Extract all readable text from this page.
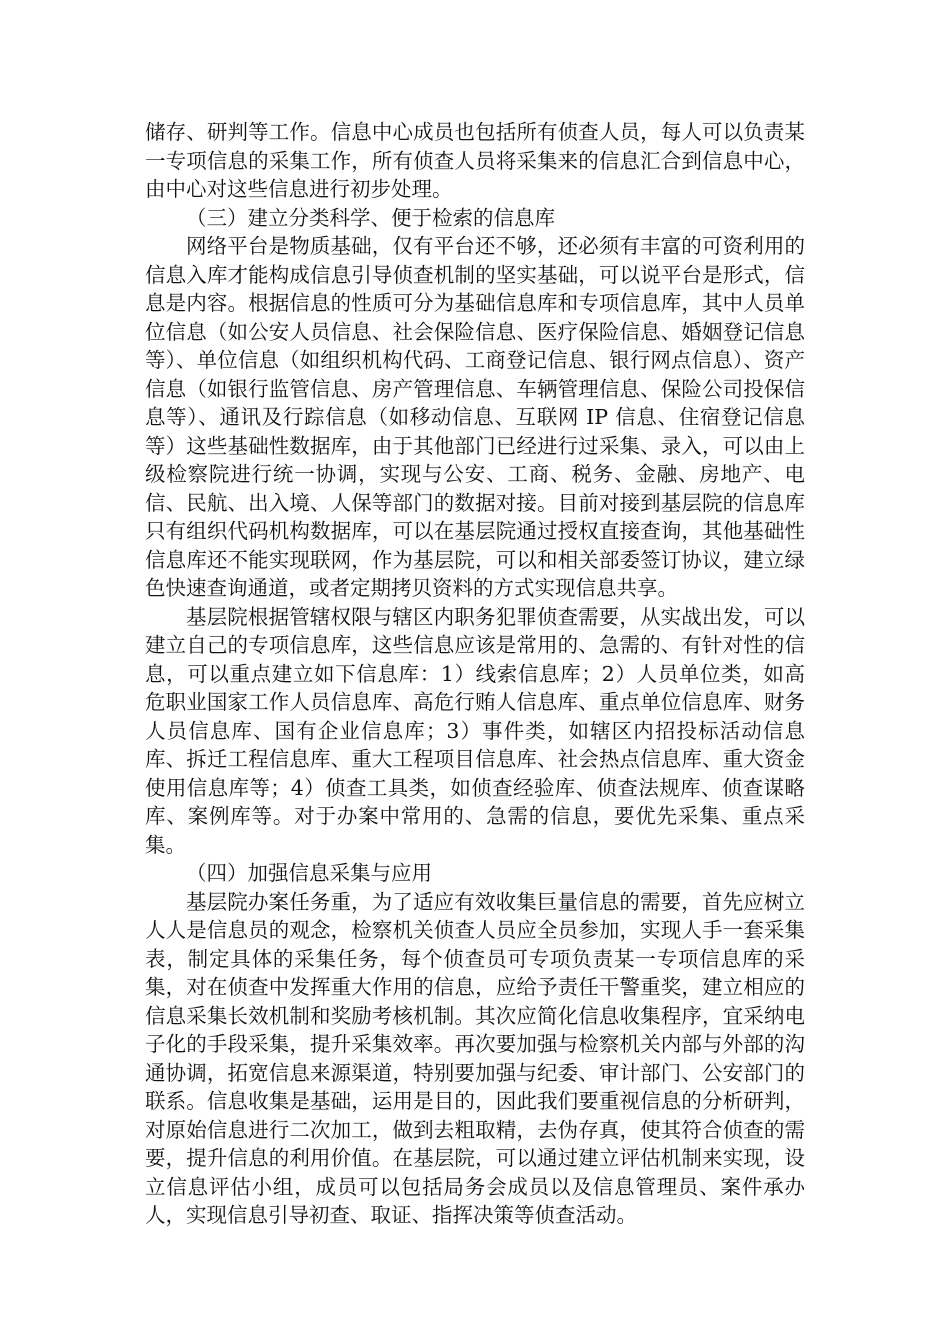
储存、研判等工作。信息中心成员也包括所有侦查人员，每人可以负责某一专项信息的采集工作，所有侦查人员将采集来的信息汇合到信息中心，由中心对这些信息进行初步处理。

（三）建立分类科学、便于检索的信息库

网络平台是物质基础，仅有平台还不够，还必须有丰富的可资利用的信息入库才能构成信息引导侦查机制的坚实基础，可以说平台是形式，信息是内容。根据信息的性质可分为基础信息库和专项信息库，其中人员单位信息（如公安人员信息、社会保险信息、医疗保险信息、婚姻登记信息等）、单位信息（如组织机构代码、工商登记信息、银行网点信息）、资产信息（如银行监管信息、房产管理信息、车辆管理信息、保险公司投保信息等）、通讯及行踪信息（如移动信息、互联网 IP 信息、住宿登记信息等）这些基础性数据库，由于其他部门已经进行过采集、录入，可以由上级检察院进行统一协调，实现与公安、工商、税务、金融、房地产、电信、民航、出入境、人保等部门的数据对接。目前对接到基层院的信息库只有组织代码机构数据库，可以在基层院通过授权直接查询，其他基础性信息库还不能实现联网，作为基层院，可以和相关部委签订协议，建立绿色快速查询通道，或者定期拷贝资料的方式实现信息共享。

基层院根据管辖权限与辖区内职务犯罪侦查需要，从实战出发，可以建立自己的专项信息库，这些信息应该是常用的、急需的、有针对性的信息，可以重点建立如下信息库：1）线索信息库；2）人员单位类，如高危职业国家工作人员信息库、高危行贿人信息库、重点单位信息库、财务人员信息库、国有企业信息库；3）事件类，如辖区内招投标活动信息库、拆迁工程信息库、重大工程项目信息库、社会热点信息库、重大资金使用信息库等；4）侦查工具类，如侦查经验库、侦查法规库、侦查谋略库、案例库等。对于办案中常用的、急需的信息，要优先采集、重点采集。

（四）加强信息采集与应用

基层院办案任务重，为了适应有效收集巨量信息的需要，首先应树立人人是信息员的观念，检察机关侦查人员应全员参加，实现人手一套采集表，制定具体的采集任务，每个侦查员可专项负责某一专项信息库的采集，对在侦查中发挥重大作用的信息，应给予责任干警重奖，建立相应的信息采集长效机制和奖励考核机制。其次应简化信息收集程序，宜采纳电子化的手段采集，提升采集效率。再次要加强与检察机关内部与外部的沟通协调，拓宽信息来源渠道，特别要加强与纪委、审计部门、公安部门的联系。信息收集是基础，运用是目的，因此我们要重视信息的分析研判，对原始信息进行二次加工，做到去粗取精，去伪存真，使其符合侦查的需要，提升信息的利用价值。在基层院，可以通过建立评估机制来实现，设立信息评估小组，成员可以包括局务会成员以及信息管理员、案件承办人，实现信息引导初查、取证、指挥决策等侦查活动。
